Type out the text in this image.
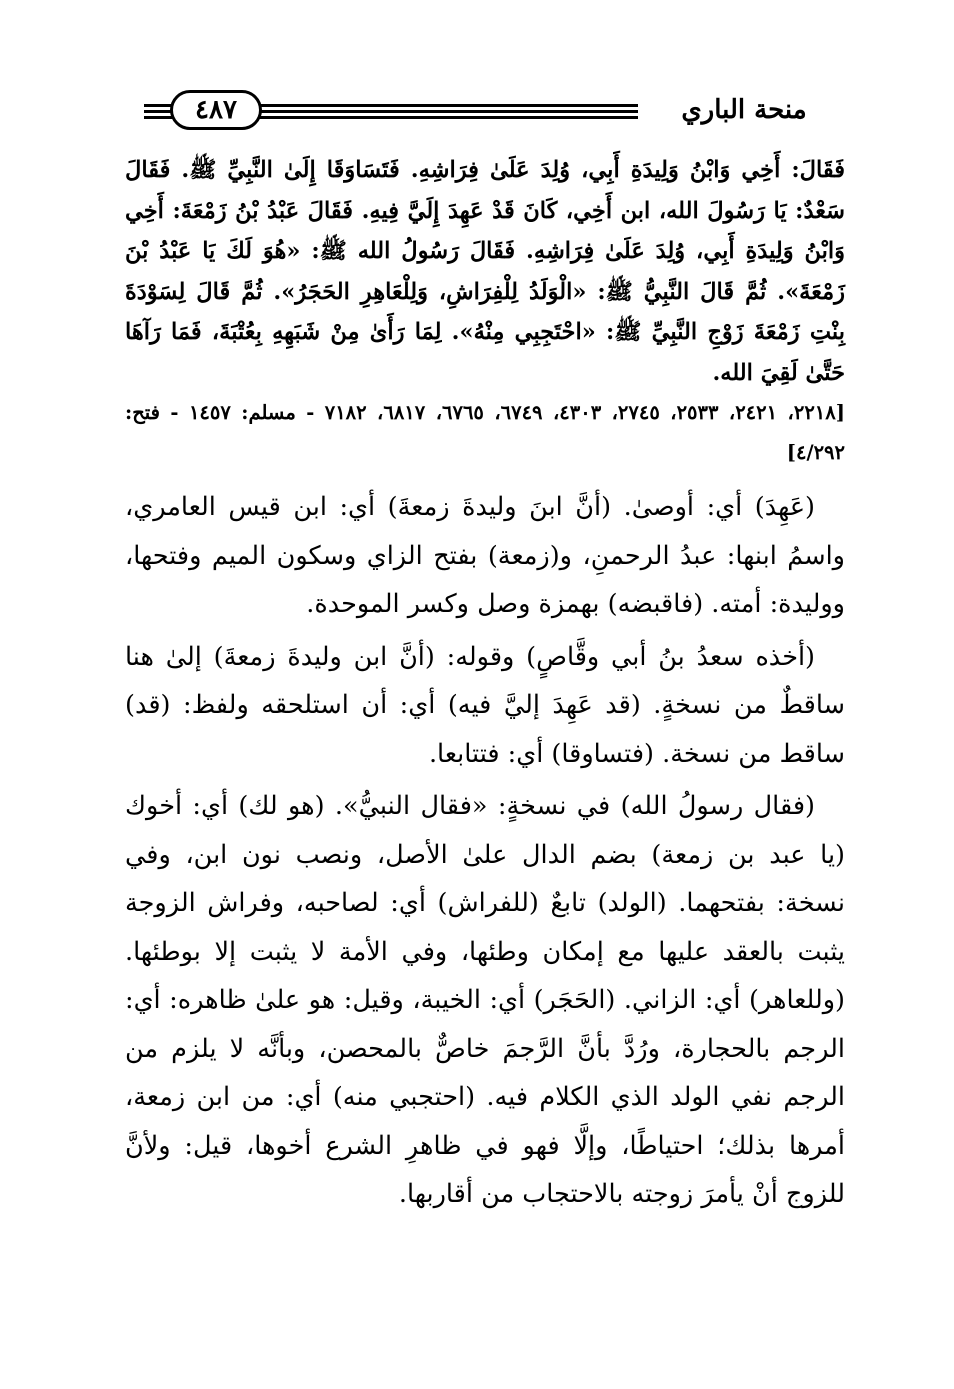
٤٨٧	منحة الباري

فَقَالَ: أَخِي وَابْنُ وَلِيدَةِ أَبِي، وُلِدَ عَلَىٰ فِرَاشِهِ. فَتَسَاوَقَا إِلَىٰ النَّبِيِّ ﷺ. فَقَالَ سَعْدٌ: يَا رَسُولَ الله، ابن أَخِي، كَانَ قَدْ عَهِدَ إِلَيَّ فِيهِ. فَقَالَ عَبْدُ بْنُ زَمْعَةَ: أَخِي وَابْنُ وَلِيدَةِ أَبِي، وُلِدَ عَلَىٰ فِرَاشِهِ. فَقَالَ رَسُولُ الله ﷺ: «هُوَ لَكَ يَا عَبْدُ بْنَ زَمْعَةَ». ثُمَّ قَالَ النَّبِيُّ ﷺ: «الْوَلَدُ لِلْفِرَاشِ، وَلِلْعَاهِرِ الحَجَرُ». ثُمَّ قَالَ لِسَوْدَةَ بِنْتِ زَمْعَةَ زَوْجِ النَّبِيِّ ﷺ: «احْتَجِبِي مِنْهُ». لِمَا رَأَىٰ مِنْ شَبَهِهِ بِعُتْبَةَ، فَمَا رَآهَا حَتَّىٰ لَقِيَ الله.

[٢٢١٨، ٢٤٢١، ٢٥٣٣، ٢٧٤٥، ٤٣٠٣، ٦٧٤٩، ٦٧٦٥، ٦٨١٧، ٧١٨٢ - مسلم: ١٤٥٧ - فتح: ٤/٢٩٢]

(عَهِدَ) أي: أوصىٰ. (أنَّ ابنَ وليدةَ زمعةَ) أي: ابن قيس العامري، واسمُ ابنها: عبدُ الرحمنِ، و(زمعة) بفتح الزاي وسكون الميم وفتحها، ووليدة: أمته. (فاقبضه) بهمزة وصل وكسر الموحدة.

(أخذه سعدُ بنُ أبي وقَّاصٍ) وقوله: (أنَّ ابن وليدةَ زمعةَ) إلىٰ هنا ساقطٌ من نسخةٍ. (قد عَهِدَ إليَّ فيه) أي: أن استلحقه ولفظ: (قد) ساقط من نسخة. (فتساوقا) أي: فتتابعا.

(فقال رسولُ الله) في نسخةٍ: «فقال النبيُّ». (هو لك) أي: أخوك (يا عبد بن زمعة) بضم الدال علىٰ الأصل، ونصب نون ابن، وفي نسخة: بفتحهما. (الولد) تابعٌ (للفراش) أي: لصاحبه، وفراش الزوجة يثبت بالعقد عليها مع إمكان وطئها، وفي الأمة لا يثبت إلا بوطئها. (وللعاهر) أي: الزاني. (الحَجَر) أي: الخيبة، وقيل: هو علىٰ ظاهره: أي: الرجم بالحجارة، ورُدَّ بأنَّ الرَّجمَ خاصٌّ بالمحصن، وبأنَّه لا يلزم من الرجم نفي الولد الذي الكلام فيه. (احتجبي منه) أي: من ابن زمعة، أمرها بذلك؛ احتياطًا، وإلَّا فهو في ظاهرِ الشرع أخوها، قيل: ولأنَّ للزوج أنْ يأمرَ زوجته بالاحتجاب من أقاربها.
